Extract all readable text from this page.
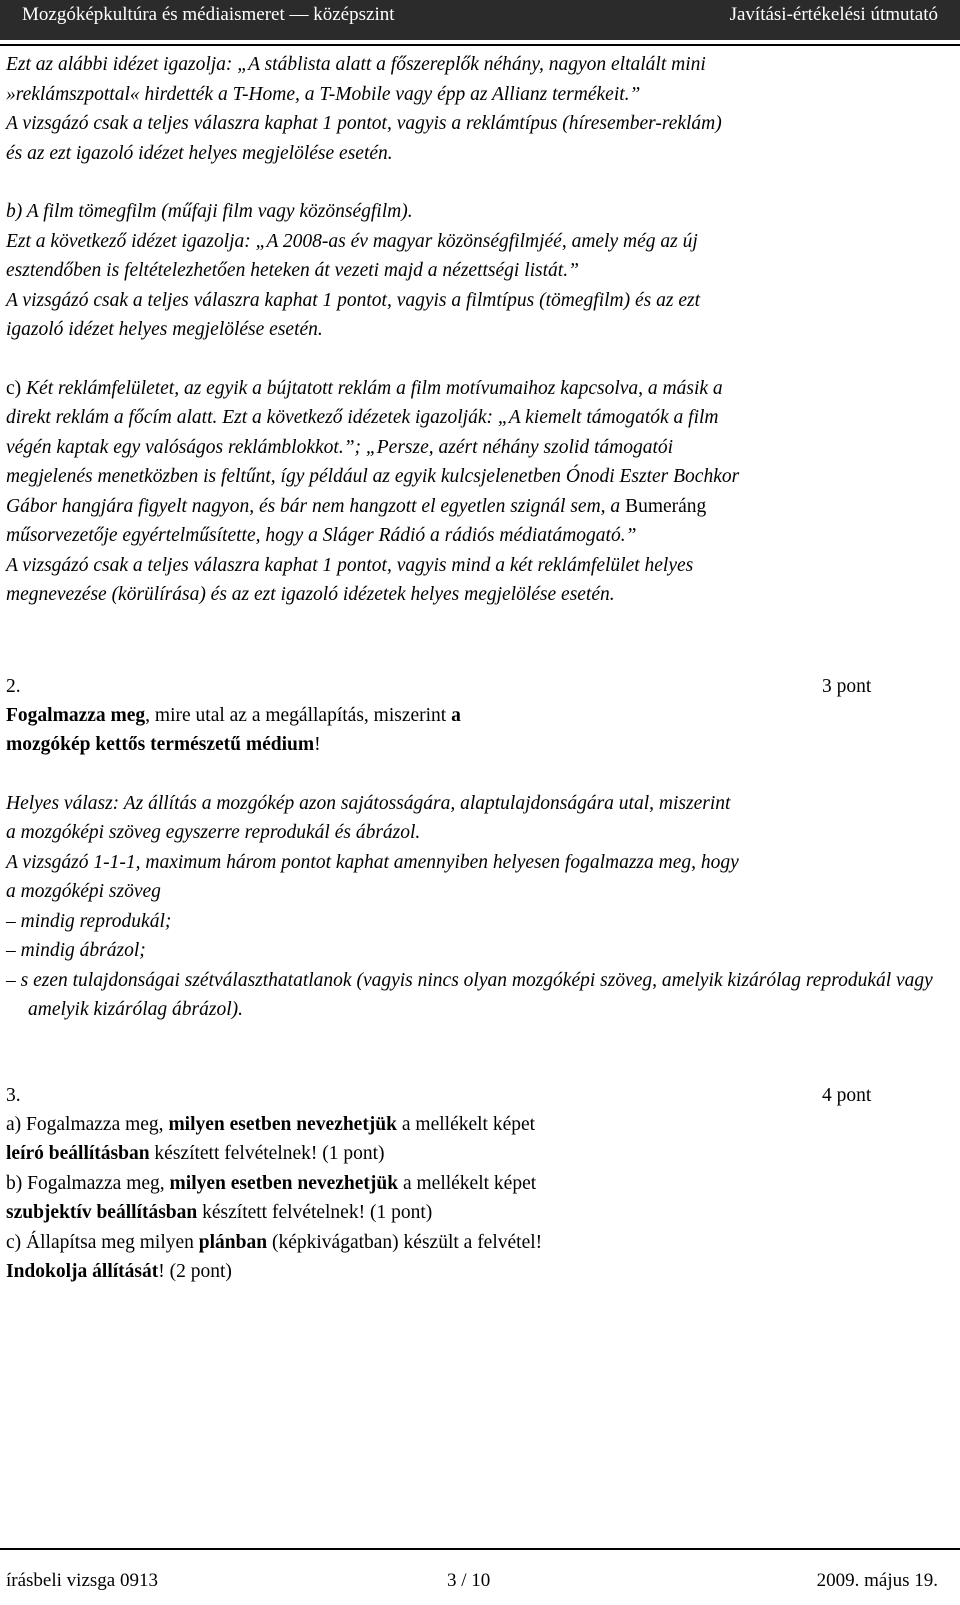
Mozgóképkultúra és médiaismeret — középszint	Javítási-értékelési útmutató

Ezt az alábbi idézet igazolja: „A stáblista alatt a főszereplők néhány, nagyon eltalált mini

»reklámszpottal« hirdették a T-Home, a T-Mobile vagy épp az Allianz termékeit.”

A vizsgázó csak a teljes válaszra kaphat 1 pontot, vagyis a reklámtípus (híresember-reklám)

és az ezt igazoló idézet helyes megjelölése esetén.

b) A film tömegfilm (műfaji film vagy közönségfilm).

Ezt a következő idézet igazolja: „A 2008-as év magyar közönségfilmjéé, amely még az új

esztendőben is feltételezhetően heteken át vezeti majd a nézettségi listát.”

A vizsgázó csak a teljes válaszra kaphat 1 pontot, vagyis a filmtípus (tömegfilm) és az ezt

igazoló idézet helyes megjelölése esetén.

c) Két reklámfelületet, az egyik a bújtatott reklám a film motívumaihoz kapcsolva, a másik a

direkt reklám a főcím alatt. Ezt a következő idézetek igazolják: „A kiemelt támogatók a film

végén kaptak egy valóságos reklámblokkot.”; „Persze, azért néhány szolid támogatói

megjelenés menetközben is feltűnt, így például az egyik kulcsjelenetben Ónodi Eszter Bochkor

Gábor hangjára figyelt nagyon, és bár nem hangzott el egyetlen szignál sem, a Bumeráng

műsorvezetője egyértelműsítette, hogy a Sláger Rádió a rádiós médiatámogató.”

A vizsgázó csak a teljes válaszra kaphat 1 pontot, vagyis mind a két reklámfelület helyes

megnevezése (körülírása) és az ezt igazoló idézetek helyes megjelölése esetén.

2.	3 pont

Fogalmazza meg, mire utal az a megállapítás, miszerint a

mozgókép kettős természetű médium!

Helyes válasz: Az állítás a mozgókép azon sajátosságára, alaptulajdonságára utal, miszerint

a mozgóképi szöveg egyszerre reprodukál és ábrázol.

A vizsgázó 1-1-1, maximum három pontot kaphat amennyiben helyesen fogalmazza meg, hogy

a mozgóképi szöveg

– mindig reprodukál;

– mindig ábrázol;

– s ezen tulajdonságai szétválaszthatatlanok (vagyis nincs olyan mozgóképi szöveg, amelyik kizárólag reprodukál vagy amelyik kizárólag ábrázol).

3.	4 pont

a) Fogalmazza meg, milyen esetben nevezhetjük a mellékelt képet

leíró beállításban készített felvételnek! (1 pont)

b) Fogalmazza meg, milyen esetben nevezhetjük a mellékelt képet

szubjektív beállításban készített felvételnek! (1 pont)

c) Állapítsa meg milyen plánban (képkivágatban) készült a felvétel!

Indokolja állítását! (2 pont)

írásbeli vizsga 0913	3 / 10	2009. május 19.
